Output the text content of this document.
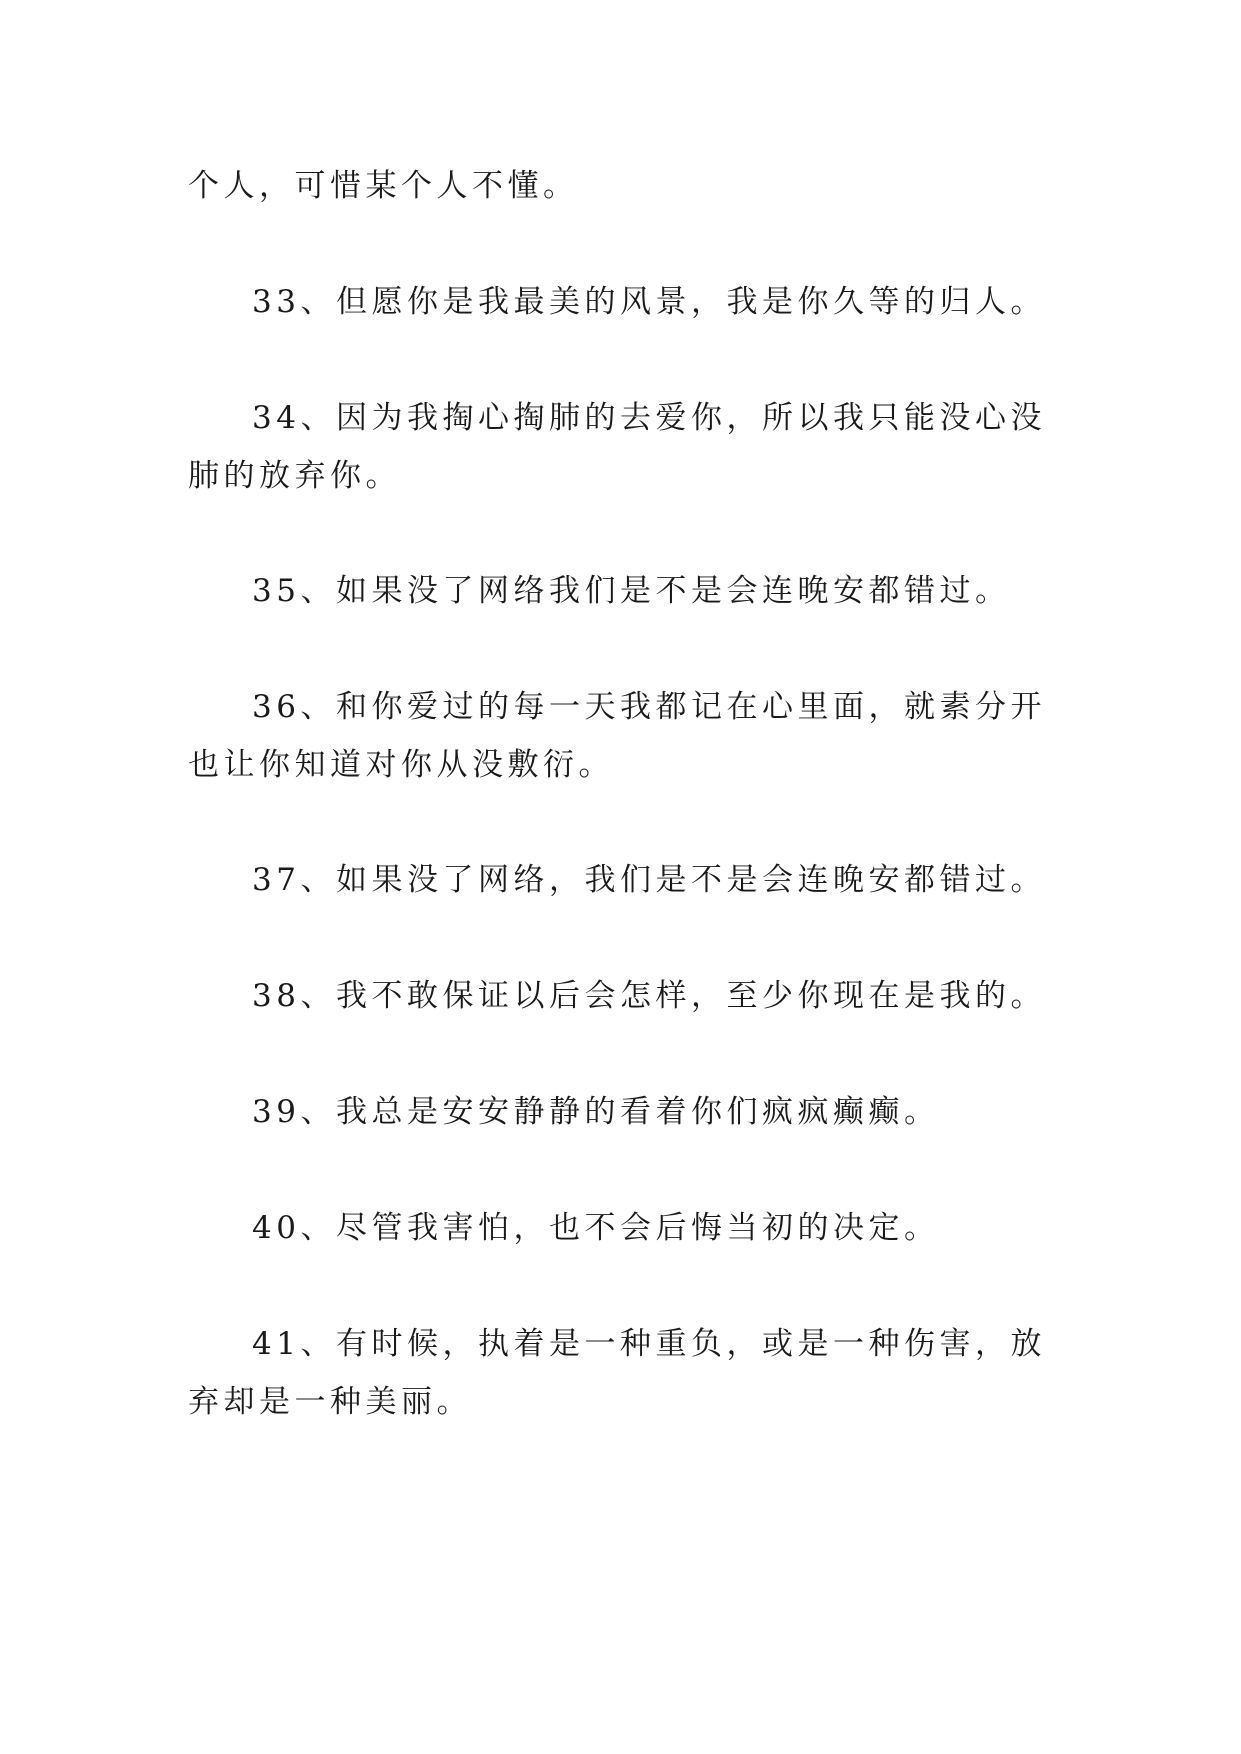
个人，可惜某个人不懂。

33、但愿你是我最美的风景，我是你久等的归人。

34、因为我掏心掏肺的去爱你，所以我只能没心没肺的放弃你。

35、如果没了网络我们是不是会连晚安都错过。

36、和你爱过的每一天我都记在心里面，就素分开也让你知道对你从没敷衍。

37、如果没了网络，我们是不是会连晚安都错过。

38、我不敢保证以后会怎样，至少你现在是我的。

39、我总是安安静静的看着你们疯疯癫癫。

40、尽管我害怕，也不会后悔当初的决定。

41、有时候，执着是一种重负，或是一种伤害，放弃却是一种美丽。
